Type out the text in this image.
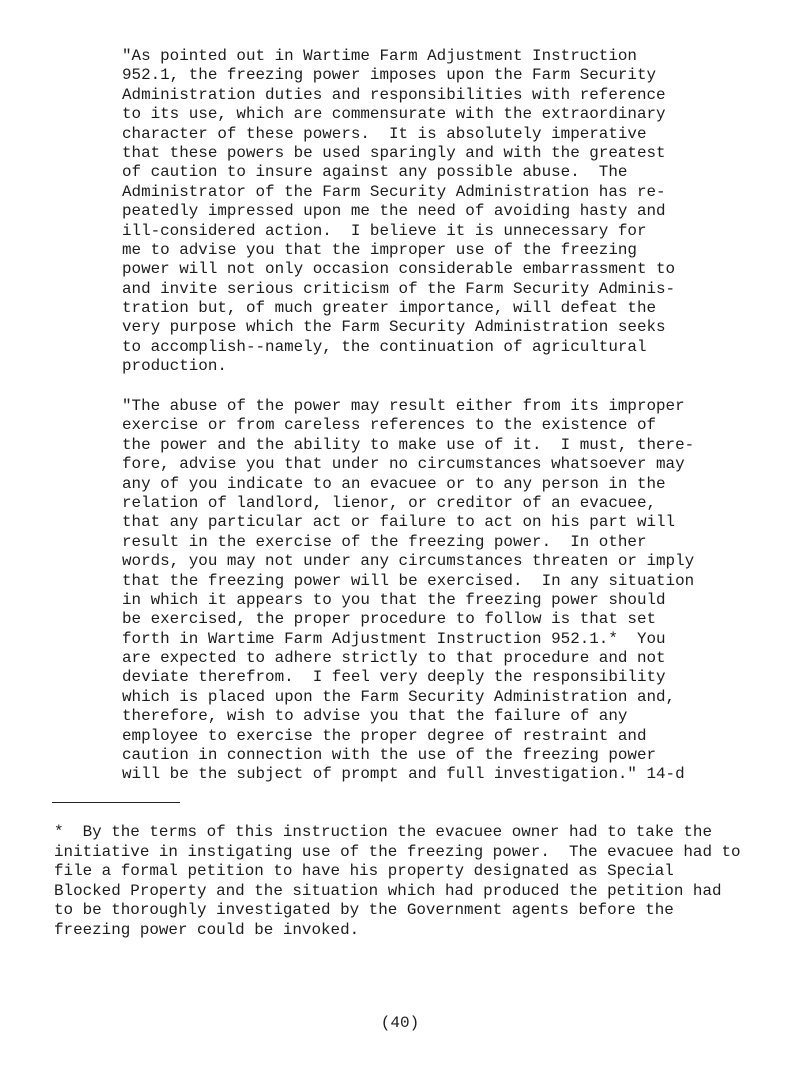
"As pointed out in Wartime Farm Adjustment Instruction
952.1, the freezing power imposes upon the Farm Security
Administration duties and responsibilities with reference
to its use, which are commensurate with the extraordinary
character of these powers.  It is absolutely imperative
that these powers be used sparingly and with the greatest
of caution to insure against any possible abuse.  The
Administrator of the Farm Security Administration has re-
peatedly impressed upon me the need of avoiding hasty and
ill-considered action.  I believe it is unnecessary for
me to advise you that the improper use of the freezing
power will not only occasion considerable embarrassment to
and invite serious criticism of the Farm Security Adminis-
tration but, of much greater importance, will defeat the
very purpose which the Farm Security Administration seeks
to accomplish--namely, the continuation of agricultural
production.
"The abuse of the power may result either from its improper
exercise or from careless references to the existence of
the power and the ability to make use of it.  I must, there-
fore, advise you that under no circumstances whatsoever may
any of you indicate to an evacuee or to any person in the
relation of landlord, lienor, or creditor of an evacuee,
that any particular act or failure to act on his part will
result in the exercise of the freezing power.  In other
words, you may not under any circumstances threaten or imply
that the freezing power will be exercised.  In any situation
in which it appears to you that the freezing power should
be exercised, the proper procedure to follow is that set
forth in Wartime Farm Adjustment Instruction 952.1.*  You
are expected to adhere strictly to that procedure and not
deviate therefrom.  I feel very deeply the responsibility
which is placed upon the Farm Security Administration and,
therefore, wish to advise you that the failure of any
employee to exercise the proper degree of restraint and
caution in connection with the use of the freezing power
will be the subject of prompt and full investigation." 14-d
*  By the terms of this instruction the evacuee owner had to take the
initiative in instigating use of the freezing power.  The evacuee had to
file a formal petition to have his property designated as Special
Blocked Property and the situation which had produced the petition had
to be thoroughly investigated by the Government agents before the
freezing power could be invoked.
(40)
